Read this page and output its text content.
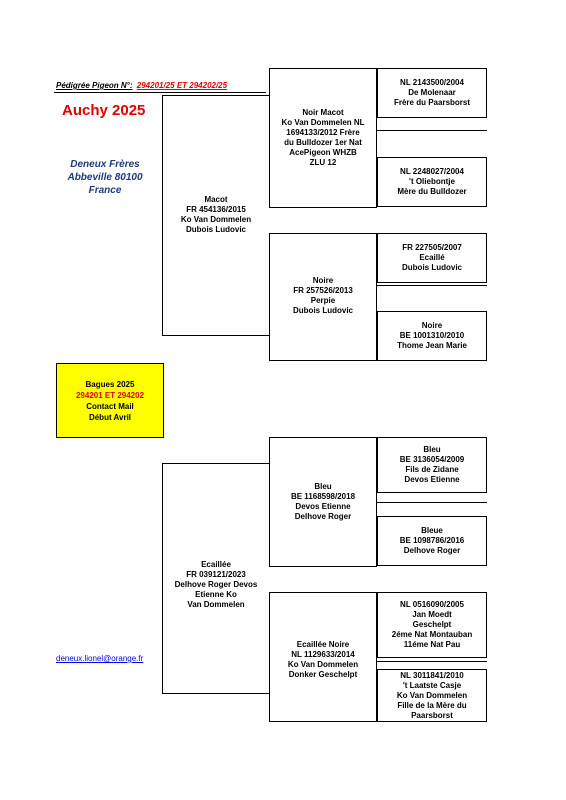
Pédigrée Pigeon N°: 294201/25 ET 294202/25
Auchy 2025
Deneux Frères
Abbeville 80100
France
Bagues 2025
294201 ET 294202
Contact Mail
Début Avril
deneux.lionel@orange.fr
Macot
FR 454136/2015
Ko Van Dommelen
Dubois Ludovic
Noir Macot
Ko Van Dommelen NL
1694133/2012 Frère
du Bulldozer 1er Nat
AcePigeon WHZB
ZLU 12
NL 2143500/2004
De Molenaar
Frère du Paarsborst
NL 2248027/2004
't Oliebontje
Mère du Bulldozer
Noire
FR 257526/2013
Perpie
Dubois Ludovic
FR 227505/2007
Ecaillé
Dubois Ludovic
Noire
BE 1001310/2010
Thome Jean Marie
Ecaillée
FR 039121/2023
Delhove Roger Devos
Etienne Ko
Van Dommelen
Bleu
BE 1168598/2018
Devos Etienne
Delhove Roger
Bleu
BE 3136054/2009
Fils de Zidane
Devos Etienne
Bleue
BE 1098786/2016
Delhove Roger
Ecaillée Noire
NL 1129633/2014
Ko Van Dommelen
Donker Geschelpt
NL 0516090/2005
Jan Moedt
Geschelpt
2éme Nat Montauban
11éme Nat Pau
NL 3011841/2010
't Laatste Casje
Ko Van Dommelen
Fille de la Mère du
Paarsborst
